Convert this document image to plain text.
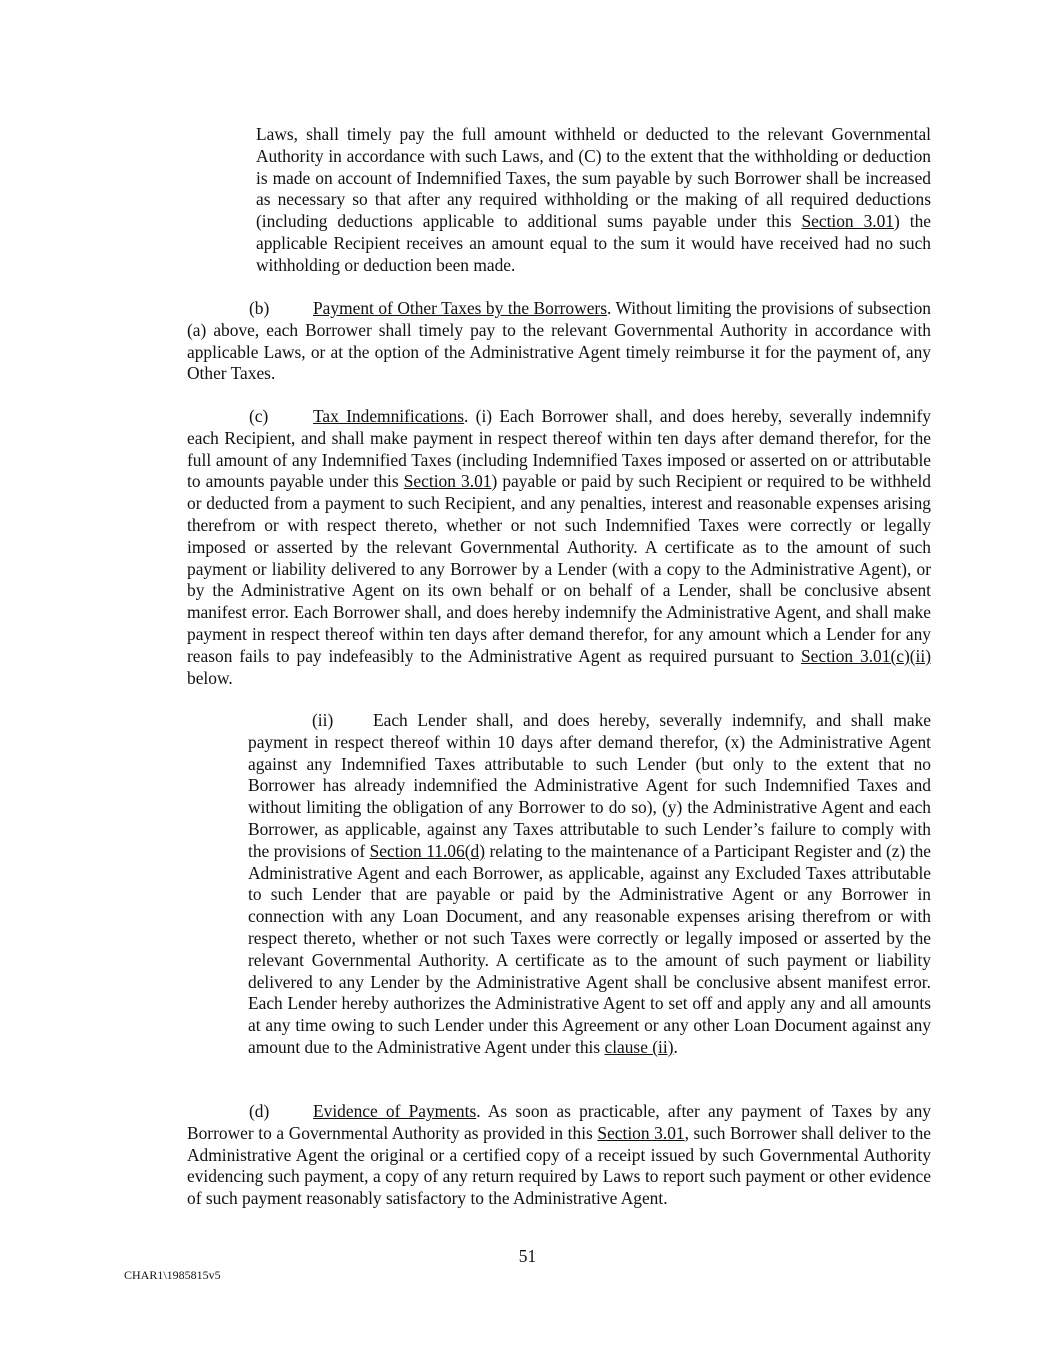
Laws, shall timely pay the full amount withheld or deducted to the relevant Governmental Authority in accordance with such Laws, and (C) to the extent that the withholding or deduction is made on account of Indemnified Taxes, the sum payable by such Borrower shall be increased as necessary so that after any required withholding or the making of all required deductions (including deductions applicable to additional sums payable under this Section 3.01) the applicable Recipient receives an amount equal to the sum it would have received had no such withholding or deduction been made.

(b)	Payment of Other Taxes by the Borrowers. Without limiting the provisions of subsection (a) above, each Borrower shall timely pay to the relevant Governmental Authority in accordance with applicable Laws, or at the option of the Administrative Agent timely reimburse it for the payment of, any Other Taxes.

(c)	Tax Indemnifications. (i) Each Borrower shall, and does hereby, severally indemnify each Recipient, and shall make payment in respect thereof within ten days after demand therefor, for the full amount of any Indemnified Taxes (including Indemnified Taxes imposed or asserted on or attributable to amounts payable under this Section 3.01) payable or paid by such Recipient or required to be withheld or deducted from a payment to such Recipient, and any penalties, interest and reasonable expenses arising therefrom or with respect thereto, whether or not such Indemnified Taxes were correctly or legally imposed or asserted by the relevant Governmental Authority. A certificate as to the amount of such payment or liability delivered to any Borrower by a Lender (with a copy to the Administrative Agent), or by the Administrative Agent on its own behalf or on behalf of a Lender, shall be conclusive absent manifest error. Each Borrower shall, and does hereby indemnify the Administrative Agent, and shall make payment in respect thereof within ten days after demand therefor, for any amount which a Lender for any reason fails to pay indefeasibly to the Administrative Agent as required pursuant to Section 3.01(c)(ii) below.

(ii) Each Lender shall, and does hereby, severally indemnify, and shall make payment in respect thereof within 10 days after demand therefor, (x) the Administrative Agent against any Indemnified Taxes attributable to such Lender (but only to the extent that no Borrower has already indemnified the Administrative Agent for such Indemnified Taxes and without limiting the obligation of any Borrower to do so), (y) the Administrative Agent and each Borrower, as applicable, against any Taxes attributable to such Lender’s failure to comply with the provisions of Section 11.06(d) relating to the maintenance of a Participant Register and (z) the Administrative Agent and each Borrower, as applicable, against any Excluded Taxes attributable to such Lender that are payable or paid by the Administrative Agent or any Borrower in connection with any Loan Document, and any reasonable expenses arising therefrom or with respect thereto, whether or not such Taxes were correctly or legally imposed or asserted by the relevant Governmental Authority. A certificate as to the amount of such payment or liability delivered to any Lender by the Administrative Agent shall be conclusive absent manifest error. Each Lender hereby authorizes the Administrative Agent to set off and apply any and all amounts at any time owing to such Lender under this Agreement or any other Loan Document against any amount due to the Administrative Agent under this clause (ii).

(d)	Evidence of Payments. As soon as practicable, after any payment of Taxes by any Borrower to a Governmental Authority as provided in this Section 3.01, such Borrower shall deliver to the Administrative Agent the original or a certified copy of a receipt issued by such Governmental Authority evidencing such payment, a copy of any return required by Laws to report such payment or other evidence of such payment reasonably satisfactory to the Administrative Agent.

51
CHAR1\1985815v5
